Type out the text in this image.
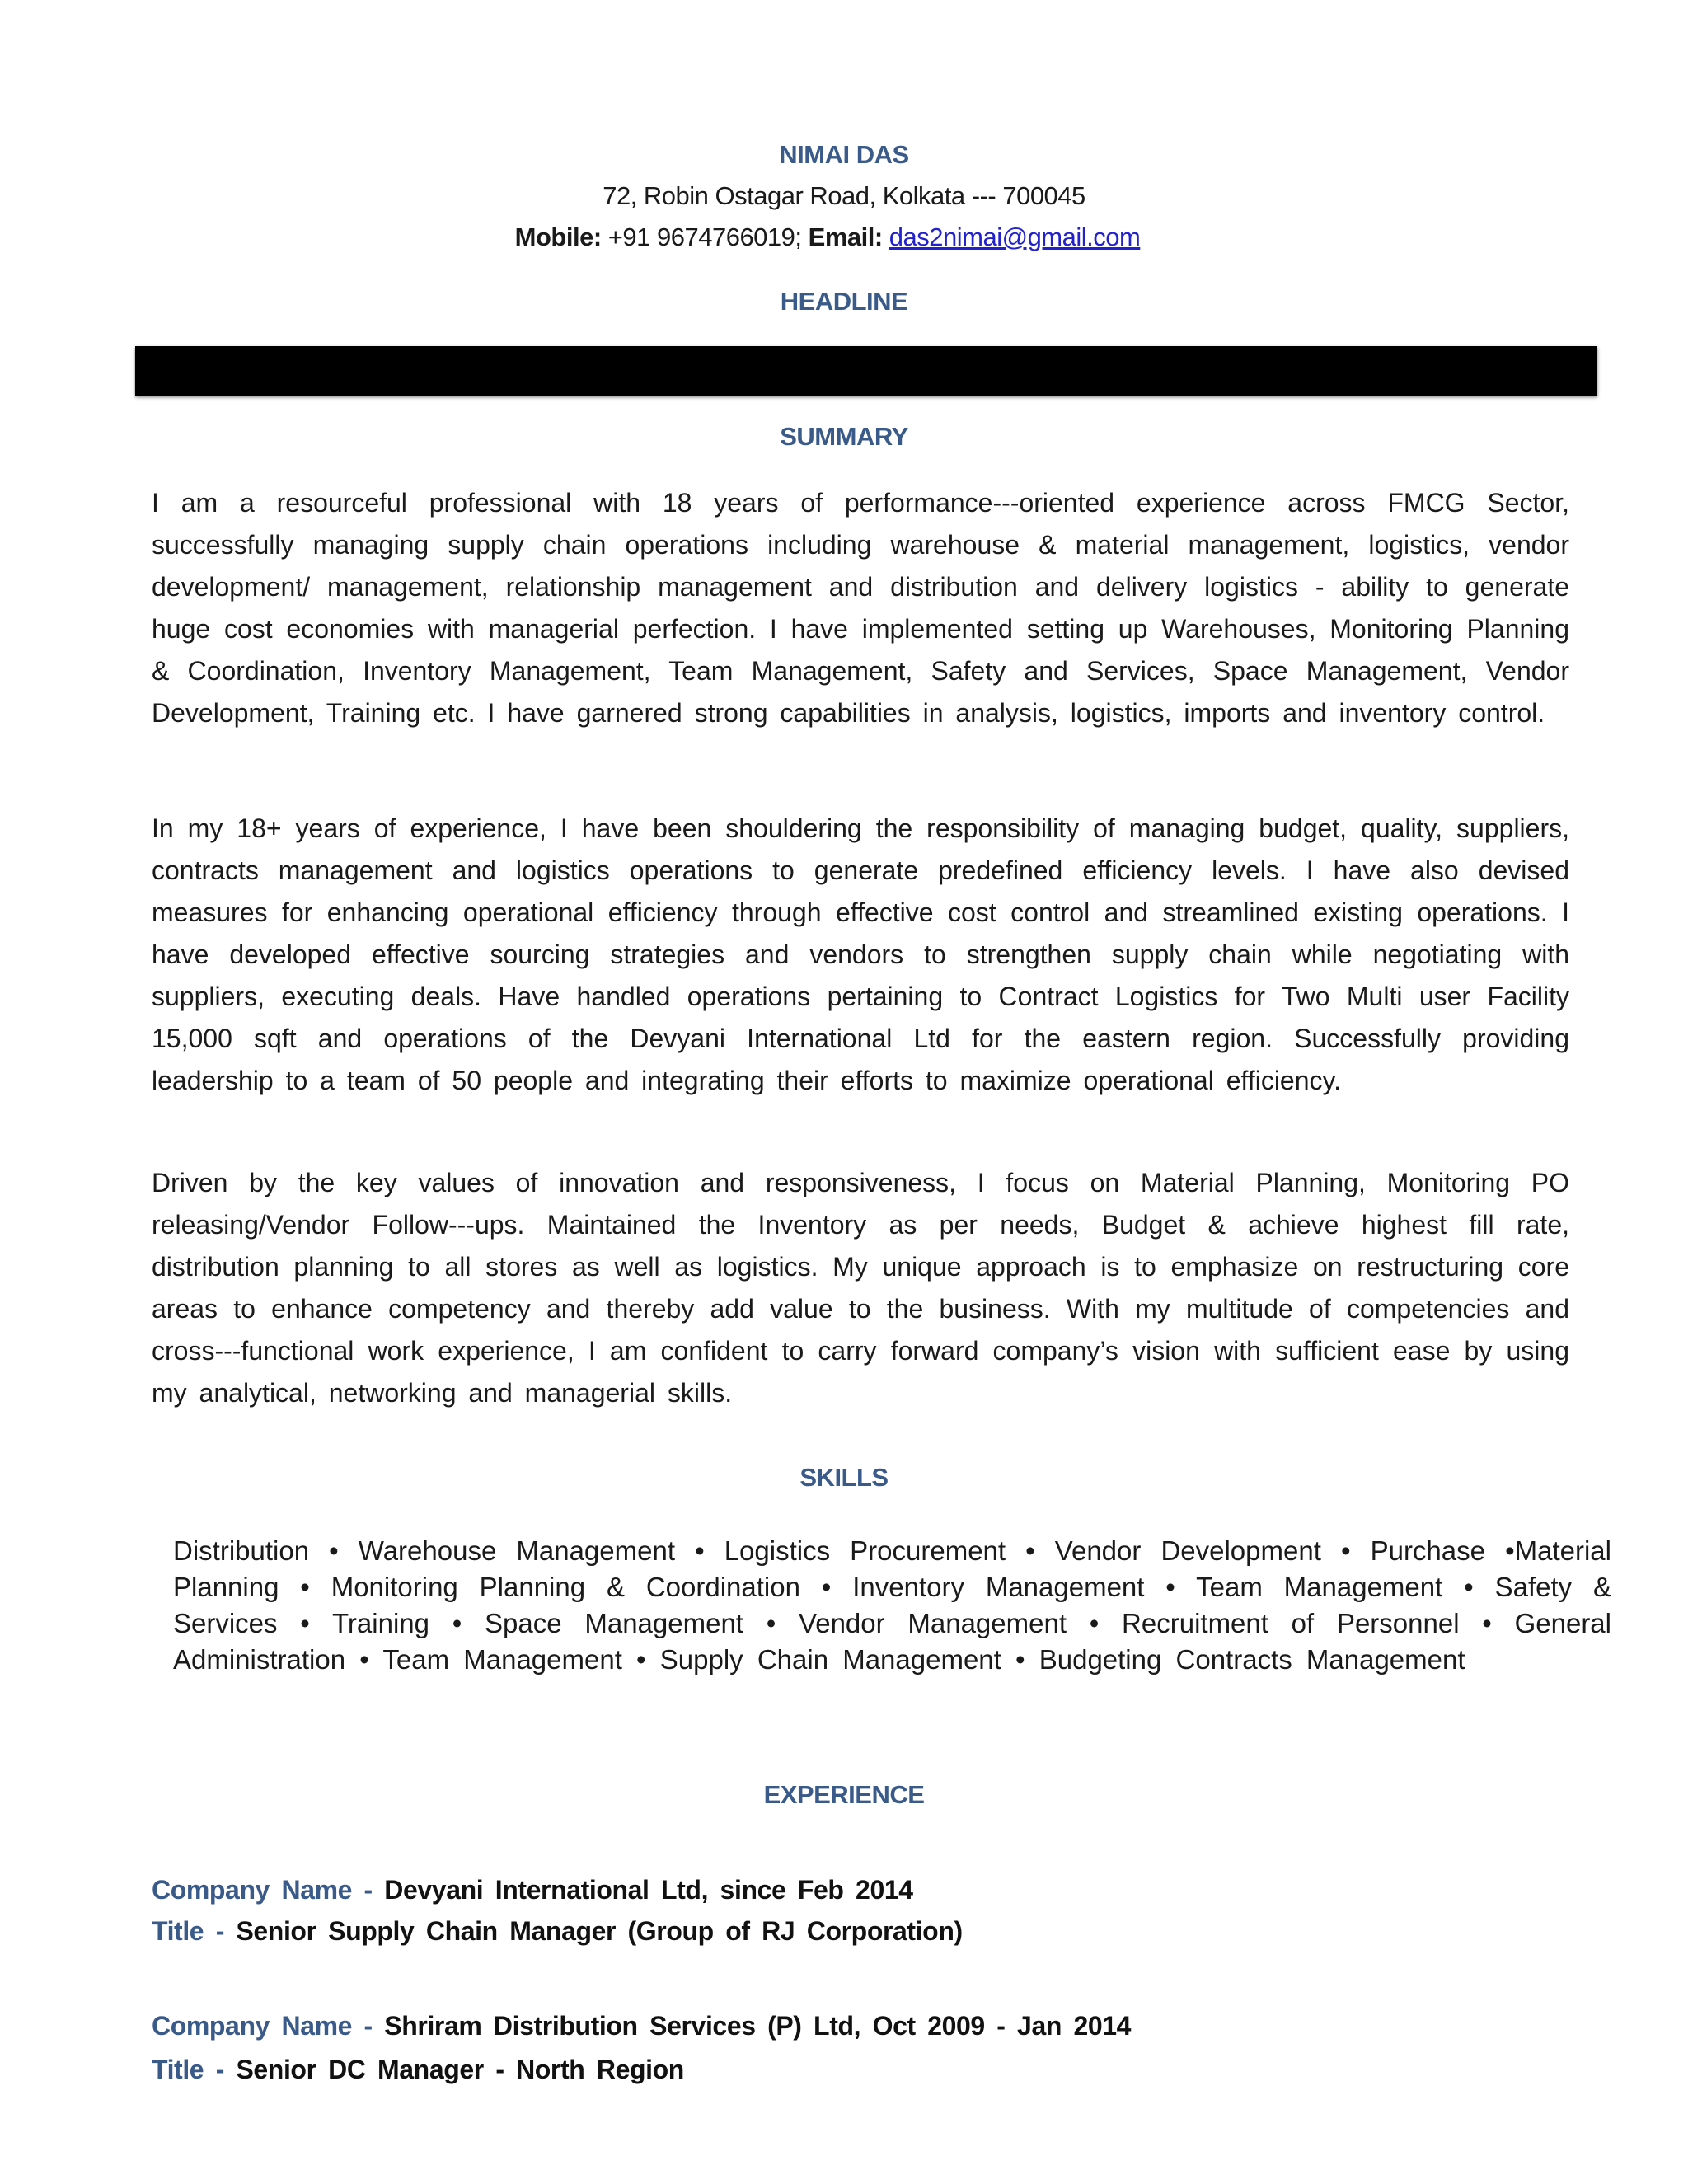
NIMAI DAS
72, Robin Ostagar Road, Kolkata --- 700045
Mobile: +91 9674766019; Email: das2nimai@gmail.com
HEADLINE
SUMMARY

I am a resourceful professional with 18 years of performance---oriented experience across FMCG Sector, successfully managing supply chain operations including warehouse & material management, logistics, vendor development/ management, relationship management and distribution and delivery logistics - ability to generate huge cost economies with managerial perfection. I have implemented setting up Warehouses, Monitoring Planning & Coordination, Inventory Management, Team Management, Safety and Services, Space Management, Vendor Development, Training etc. I have garnered strong capabilities in analysis, logistics, imports and inventory control.

In my 18+ years of experience, I have been shouldering the responsibility of managing budget, quality, suppliers, contracts management and logistics operations to generate predefined efficiency levels. I have also devised measures for enhancing operational efficiency through effective cost control and streamlined existing operations. I have developed effective sourcing strategies and vendors to strengthen supply chain while negotiating with suppliers, executing deals. Have handled operations pertaining to Contract Logistics for Two Multi user Facility 15,000 sqft and operations of the Devyani International Ltd for the eastern region. Successfully providing leadership to a team of 50 people and integrating their efforts to maximize operational efficiency.

Driven by the key values of innovation and responsiveness, I focus on Material Planning, Monitoring PO releasing/Vendor Follow---ups. Maintained the Inventory as per needs, Budget & achieve highest fill rate, distribution planning to all stores as well as logistics. My unique approach is to emphasize on restructuring core areas to enhance competency and thereby add value to the business. With my multitude of competencies and cross---functional work experience, I am confident to carry forward company’s vision with sufficient ease by using my analytical, networking and managerial skills.

SKILLS

Distribution • Warehouse Management • Logistics Procurement • Vendor Development • Purchase •Material Planning • Monitoring Planning & Coordination • Inventory Management • Team Management • Safety & Services • Training • Space Management • Vendor Management • Recruitment of Personnel • General Administration • Team Management • Supply Chain Management • Budgeting Contracts Management

EXPERIENCE
Company Name - Devyani International Ltd, since Feb 2014
Title - Senior Supply Chain Manager (Group of RJ Corporation)
Company Name - Shriram Distribution Services (P) Ltd, Oct 2009 - Jan 2014
Title - Senior DC Manager - North Region
